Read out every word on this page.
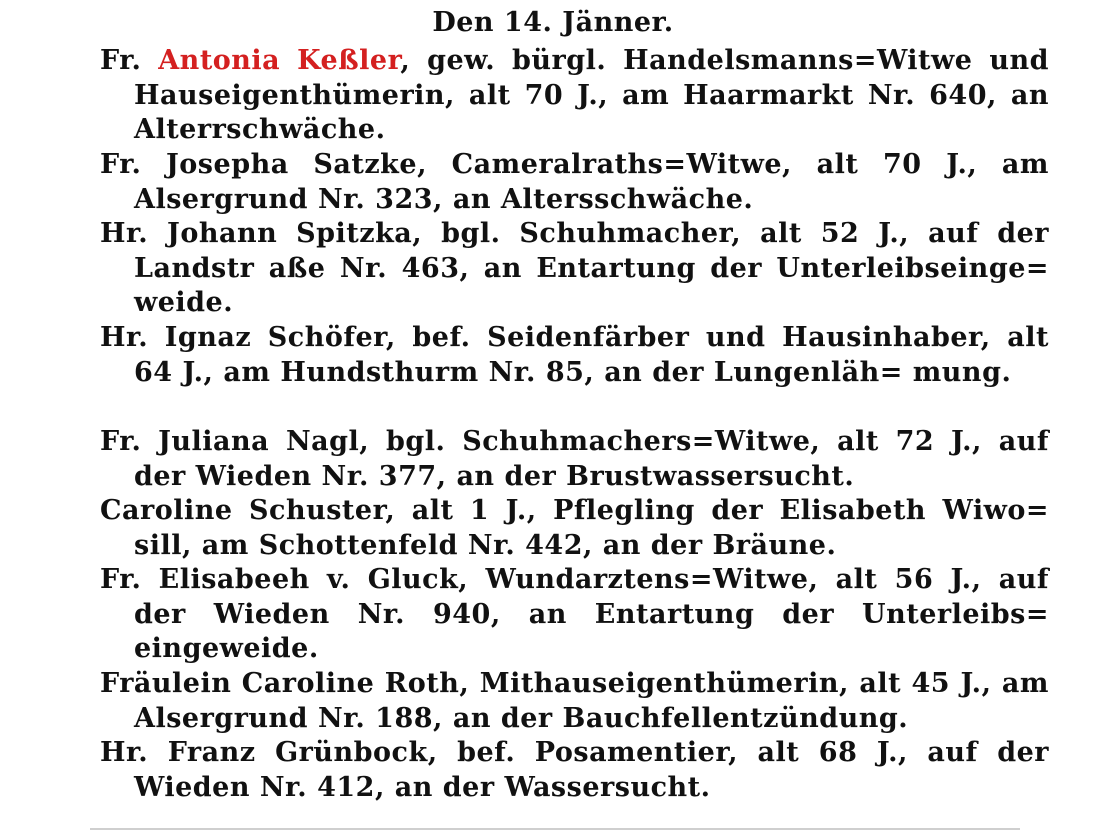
Den 14. Jänner.
Fr. Antonia Keßler, gew. bürgl. Handelsmanns=Witwe und Hauseigenthümerin, alt 70 J., am Haarmarkt Nr. 640, an Alterrschwäche.
Fr. Josepha Satzke, Cameralraths=Witwe, alt 70 J., am Alsergrund Nr. 323, an Altersschwäche.
Hr. Johann Spitzka, bgl. Schuhmacher, alt 52 J., auf der Landstr aße Nr. 463, an Entartung der Unterleibseinge= weide.
Hr. Ignaz Schöfer, bef. Seidenfärber und Hausinhaber, alt 64 J., am Hundsthurm Nr. 85, an der Lungenläh= mung.
Fr. Juliana Nagl, bgl. Schuhmachers=Witwe, alt 72 J., auf der Wieden Nr. 377, an der Brustwassersucht.
Caroline Schuster, alt 1 J., Pflegling der Elisabeth Wiwo= sill, am Schottenfeld Nr. 442, an der Bräune.
Fr. Elisabeeh v. Gluck, Wundarztens=Witwe, alt 56 J., auf der Wieden Nr. 940, an Entartung der Unterleibs= eingeweide.
Fräulein Caroline Roth, Mithauseigenthümerin, alt 45 J., am Alsergrund Nr. 188, an der Bauchfellentzündung.
Hr. Franz Grünbock, bef. Posamentier, alt 68 J., auf der Wieden Nr. 412, an der Wassersucht.
